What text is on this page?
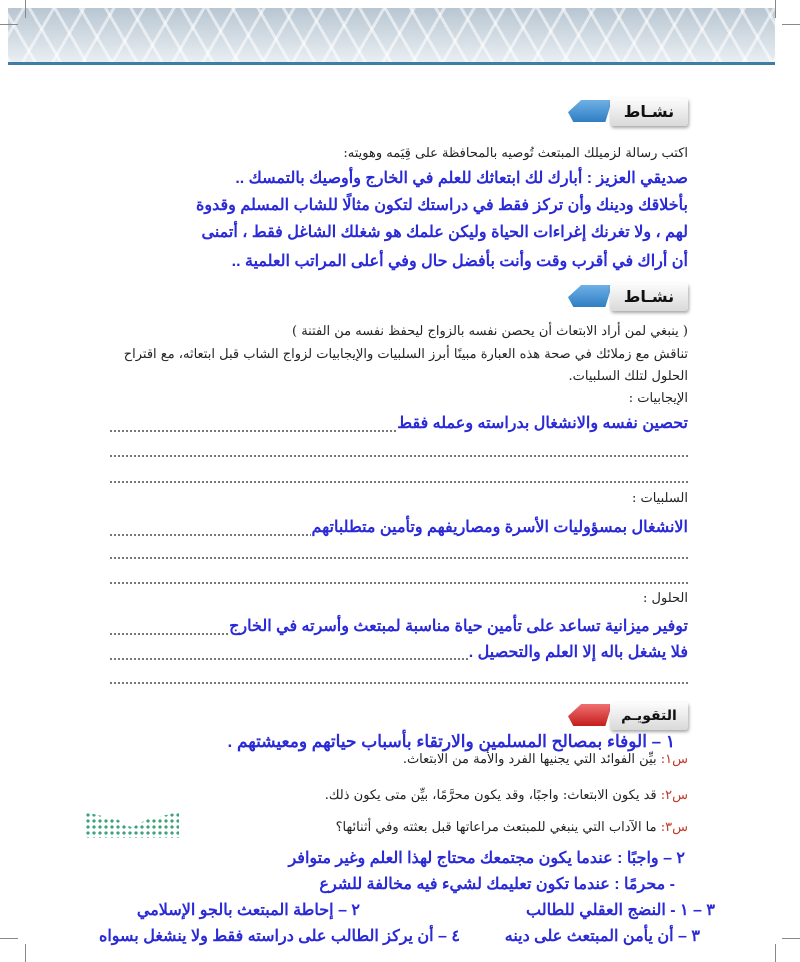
نشـاط
اكتب رسالة لزميلك المبتعث تُوصيه بالمحافظة على قِيَمه وهويته:
صديقي العزيز : أبارك لك ابتعاثك للعلم في الخارج وأوصيك بالتمسك ..
بأخلاقك ودينك وأن تركز فقط في دراستك لتكون مثالًا للشاب المسلم وقدوة
لهم ، ولا تغرنك إغراءات الحياة وليكن علمك هو شغلك الشاغل فقط ، أتمنى
أن أراك في أقرب وقت وأنت بأفضل حال وفي أعلى المراتب العلمية ..
نشـاط
( ينبغي لمن أراد الابتعاث أن يحصن نفسه بالزواج ليحفظ نفسه من الفتنة )
تناقش مع زملائك في صحة هذه العبارة مبينًا أبرز السلبيات والإيجابيات لزواج الشاب قبل ابتعاثه، مع اقتراح
الحلول لتلك السلبيات.
الإيجابيات :
تحصين نفسه والانشغال بدراسته وعمله فقط
السلبيات :
الانشغال بمسؤوليات الأسرة ومصاريفهم وتأمين متطلباتهم
الحلول :
توفير ميزانية تساعد على تأمين حياة مناسبة لمبتعث وأسرته في الخارج
فلا يشغل باله إلا العلم والتحصيل .
التقويـم
١ – الوفاء بمصالح المسلمين والارتقاء بأسباب حياتهم ومعيشتهم .
س١: بيِّن الفوائد التي يجنيها الفرد والأمة من الابتعاث.
س٢: قد يكون الابتعاث: واجبًا، وقد يكون محرَّمًا، بيِّن متى يكون ذلك.
س٣: ما الآداب التي ينبغي للمبتعث مراعاتها قبل بعثته وفي أثنائها؟
٢ – واجبًا : عندما يكون مجتمعك محتاج لهذا العلم وغير متوافر
- محرمًا : عندما تكون تعليمك لشيء فيه مخالفة للشرع
٣ – ١ - النضج العقلي للطالب
٢ – إحاطة المبتعث بالجو الإسلامي
٣ – أن يأمن المبتعث على دينه
٤ – أن يركز الطالب على دراسته فقط ولا ينشغل بسواه
